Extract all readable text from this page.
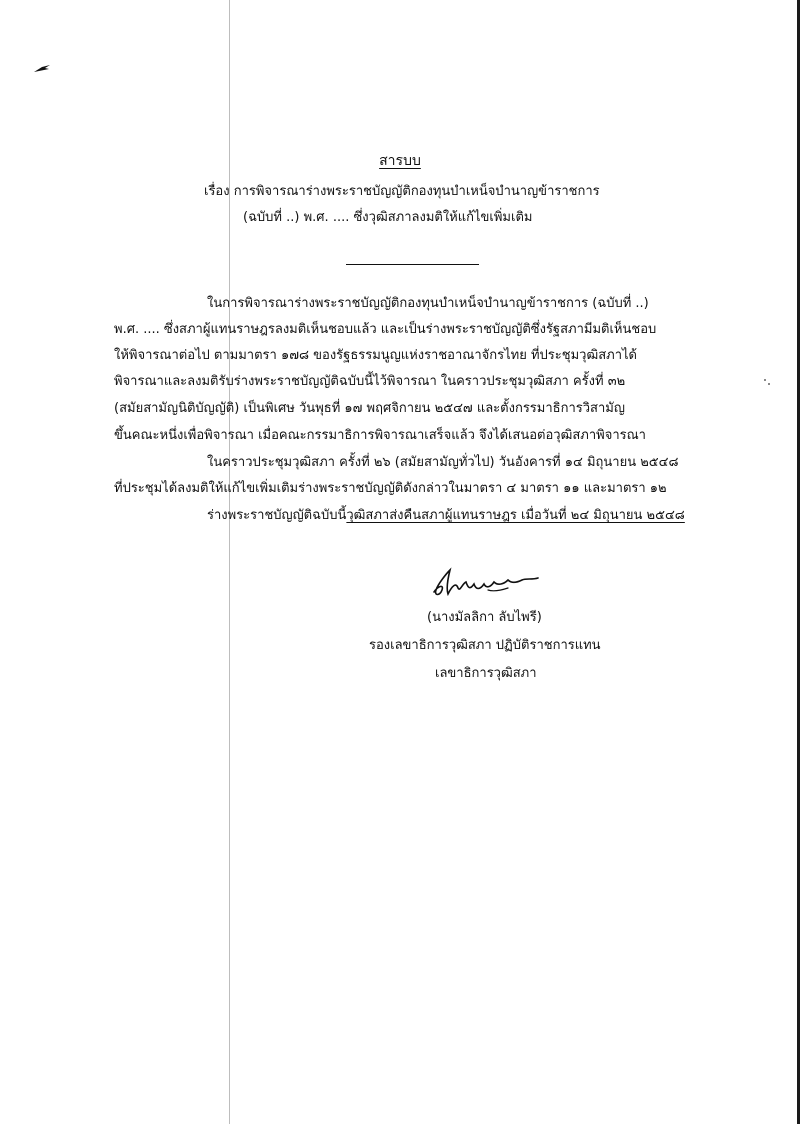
สารบบ
เรื่อง การพิจารณาร่างพระราชบัญญัติกองทุนบำเหน็จบำนาญข้าราชการ
(ฉบับที่ ..) พ.ศ. .... ซึ่งวุฒิสภาลงมติให้แก้ไขเพิ่มเติม
ในการพิจารณาร่างพระราชบัญญัติกองทุนบำเหน็จบำนาญข้าราชการ (ฉบับที่ ..)
พ.ศ. .... ซึ่งสภาผู้แทนราษฎรลงมติเห็นชอบแล้ว และเป็นร่างพระราชบัญญัติซึ่งรัฐสภามีมติเห็นชอบ
ให้พิจารณาต่อไป ตามมาตรา ๑๗๘ ของรัฐธรรมนูญแห่งราชอาณาจักรไทย ที่ประชุมวุฒิสภาได้
พิจารณาและลงมติรับร่างพระราชบัญญัติฉบับนี้ไว้พิจารณา ในคราวประชุมวุฒิสภา ครั้งที่ ๓๒
(สมัยสามัญนิติบัญญัติ) เป็นพิเศษ วันพุธที่ ๑๗ พฤศจิกายน ๒๕๔๗ และตั้งกรรมาธิการวิสามัญ
ขึ้นคณะหนึ่งเพื่อพิจารณา เมื่อคณะกรรมาธิการพิจารณาเสร็จแล้ว จึงได้เสนอต่อวุฒิสภาพิจารณา
ในคราวประชุมวุฒิสภา ครั้งที่ ๒๖ (สมัยสามัญทั่วไป) วันอังคารที่ ๑๔ มิถุนายน ๒๕๔๘
ที่ประชุมได้ลงมติให้แก้ไขเพิ่มเติมร่างพระราชบัญญัติดังกล่าวในมาตรา ๔ มาตรา ๑๑ และมาตรา ๑๒
ร่างพระราชบัญญัติฉบับนี้วุฒิสภาส่งคืนสภาผู้แทนราษฎร เมื่อวันที่ ๒๔ มิถุนายน ๒๕๔๘
(นางมัลลิกา ลับไพรี)
รองเลขาธิการวุฒิสภา ปฏิบัติราชการแทน
เลขาธิการวุฒิสภา
